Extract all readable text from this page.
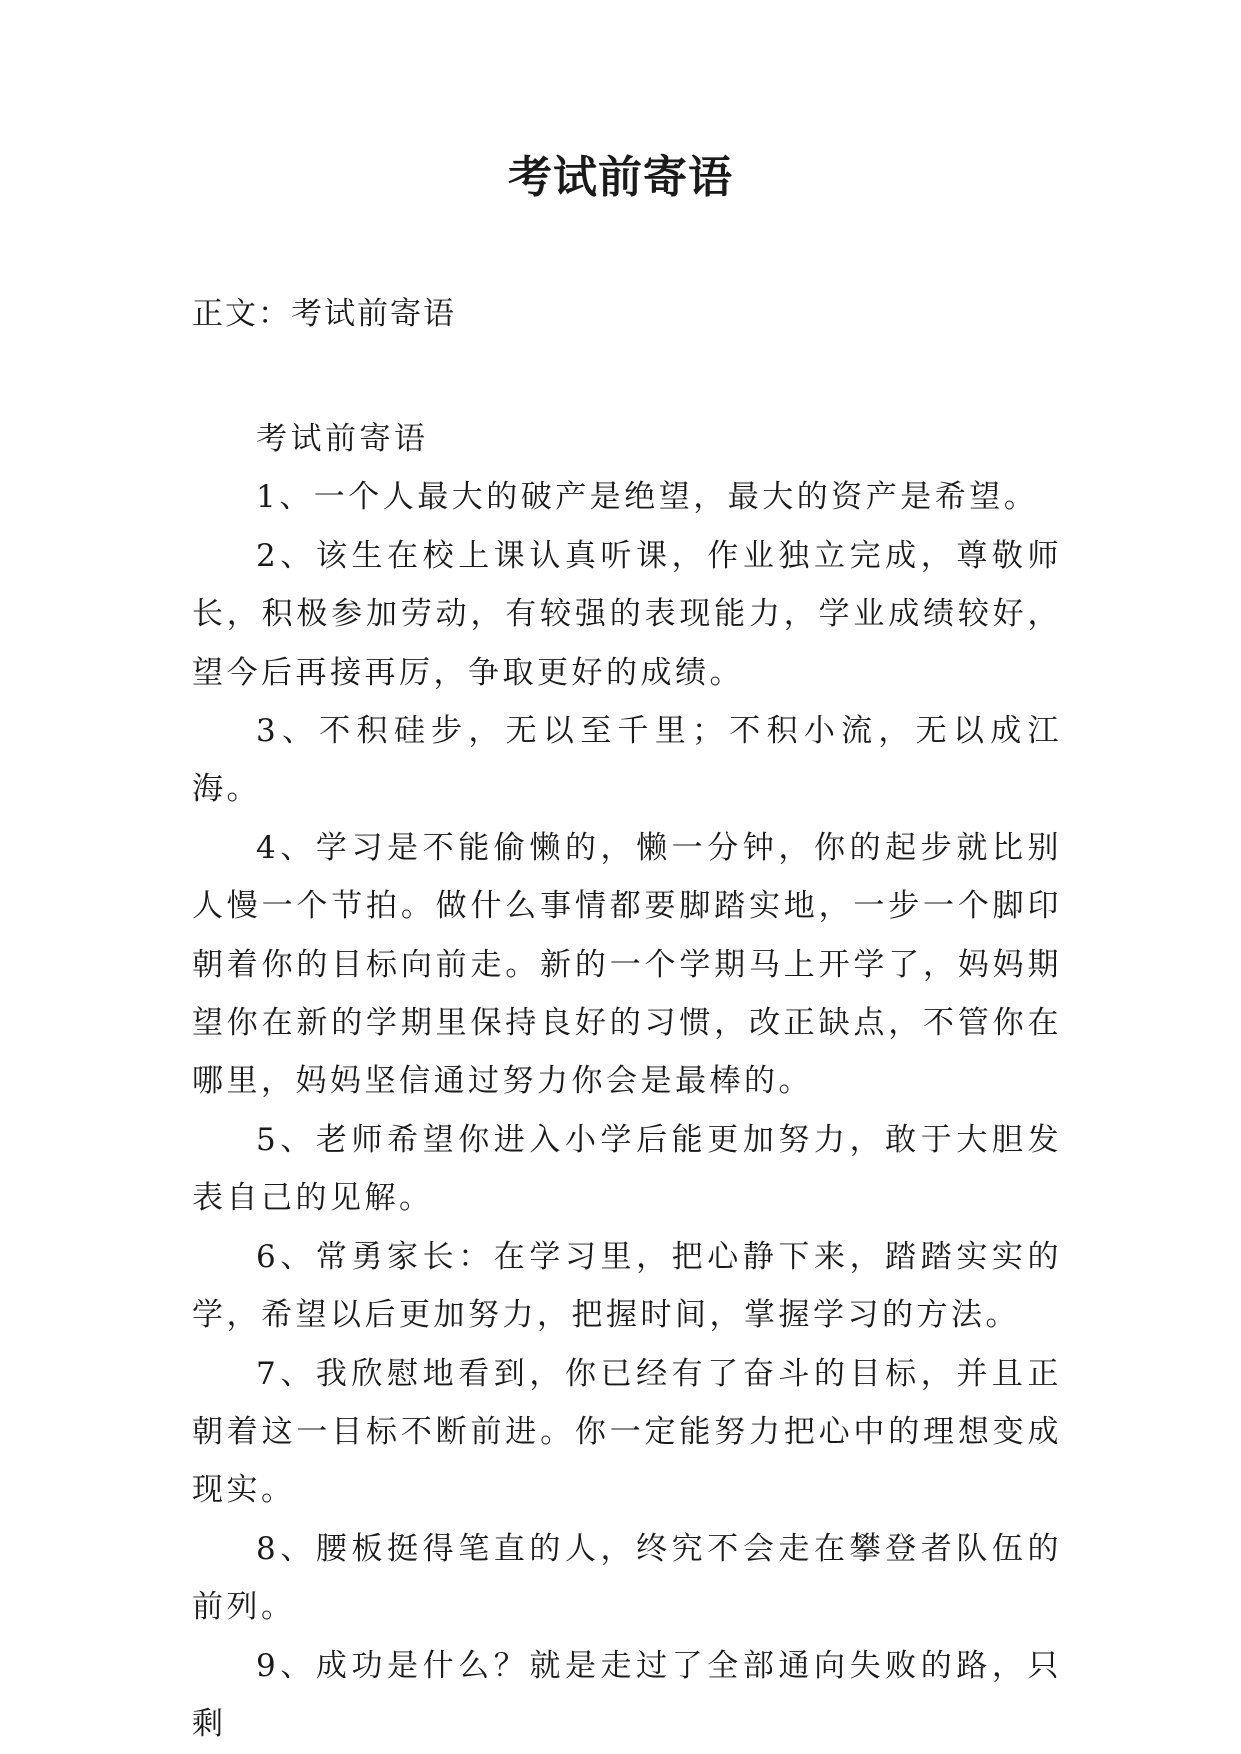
考试前寄语

正文：考试前寄语

考试前寄语

1、一个人最大的破产是绝望，最大的资产是希望。

2、该生在校上课认真听课，作业独立完成，尊敬师长，积极参加劳动，有较强的表现能力，学业成绩较好，望今后再接再厉，争取更好的成绩。

3、不积硅步，无以至千里；不积小流，无以成江海。

4、学习是不能偷懒的，懒一分钟，你的起步就比别人慢一个节拍。做什么事情都要脚踏实地，一步一个脚印朝着你的目标向前走。新的一个学期马上开学了，妈妈期望你在新的学期里保持良好的习惯，改正缺点，不管你在哪里，妈妈坚信通过努力你会是最棒的。

5、老师希望你进入小学后能更加努力，敢于大胆发表自己的见解。

6、常勇家长：在学习里，把心静下来，踏踏实实的学，希望以后更加努力，把握时间，掌握学习的方法。

7、我欣慰地看到，你已经有了奋斗的目标，并且正朝着这一目标不断前进。你一定能努力把心中的理想变成现实。

8、腰板挺得笔直的人，终究不会走在攀登者队伍的前列。

9、成功是什么？就是走过了全部通向失败的路，只剩
